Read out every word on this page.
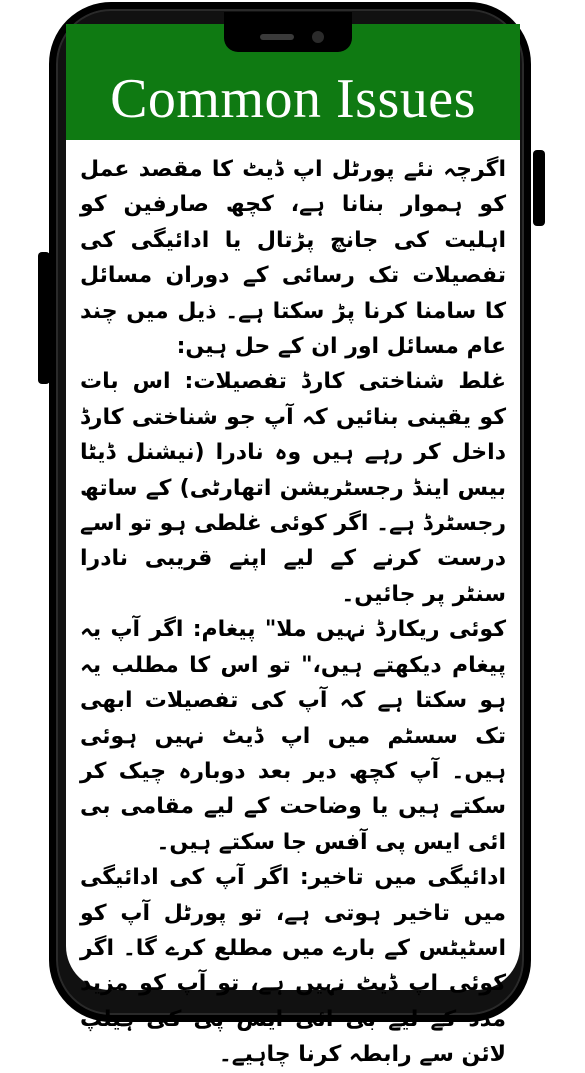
Common Issues

اگرچہ نئے پورٹل اپ ڈیٹ کا مقصد عمل کو ہموار بنانا ہے، کچھ صارفین کو اہلیت کی جانچ پڑتال یا ادائیگی کی تفصیلات تک رسائی کے دوران مسائل کا سامنا کرنا پڑ سکتا ہے۔ ذیل میں چند عام مسائل اور ان کے حل ہیں:

غلط شناختی کارڈ تفصیلات: اس بات کو یقینی بنائیں کہ آپ جو شناختی کارڈ داخل کر رہے ہیں وہ نادرا (نیشنل ڈیٹا بیس اینڈ رجسٹریشن اتھارٹی) کے ساتھ رجسٹرڈ ہے۔ اگر کوئی غلطی ہو تو اسے درست کرنے کے لیے اپنے قریبی نادرا سنٹر پر جائیں۔

کوئی ریکارڈ نہیں ملا" پیغام: اگر آپ یہ پیغام دیکھتے ہیں،" تو اس کا مطلب یہ ہو سکتا ہے کہ آپ کی تفصیلات ابھی تک سسٹم میں اپ ڈیٹ نہیں ہوئی ہیں۔ آپ کچھ دیر بعد دوبارہ چیک کر سکتے ہیں یا وضاحت کے لیے مقامی بی ائی ایس پی آفس جا سکتے ہیں۔

ادائیگی میں تاخیر: اگر آپ کی ادائیگی میں تاخیر ہوتی ہے، تو پورٹل آپ کو اسٹیٹس کے بارے میں مطلع کرے گا۔ اگر کوئی اپ ڈیٹ نہیں ہے، تو آپ کو مزید مدد کے لیے بی ائی ایس پی کی ہیلپ لائن سے رابطہ کرنا چاہیے۔
